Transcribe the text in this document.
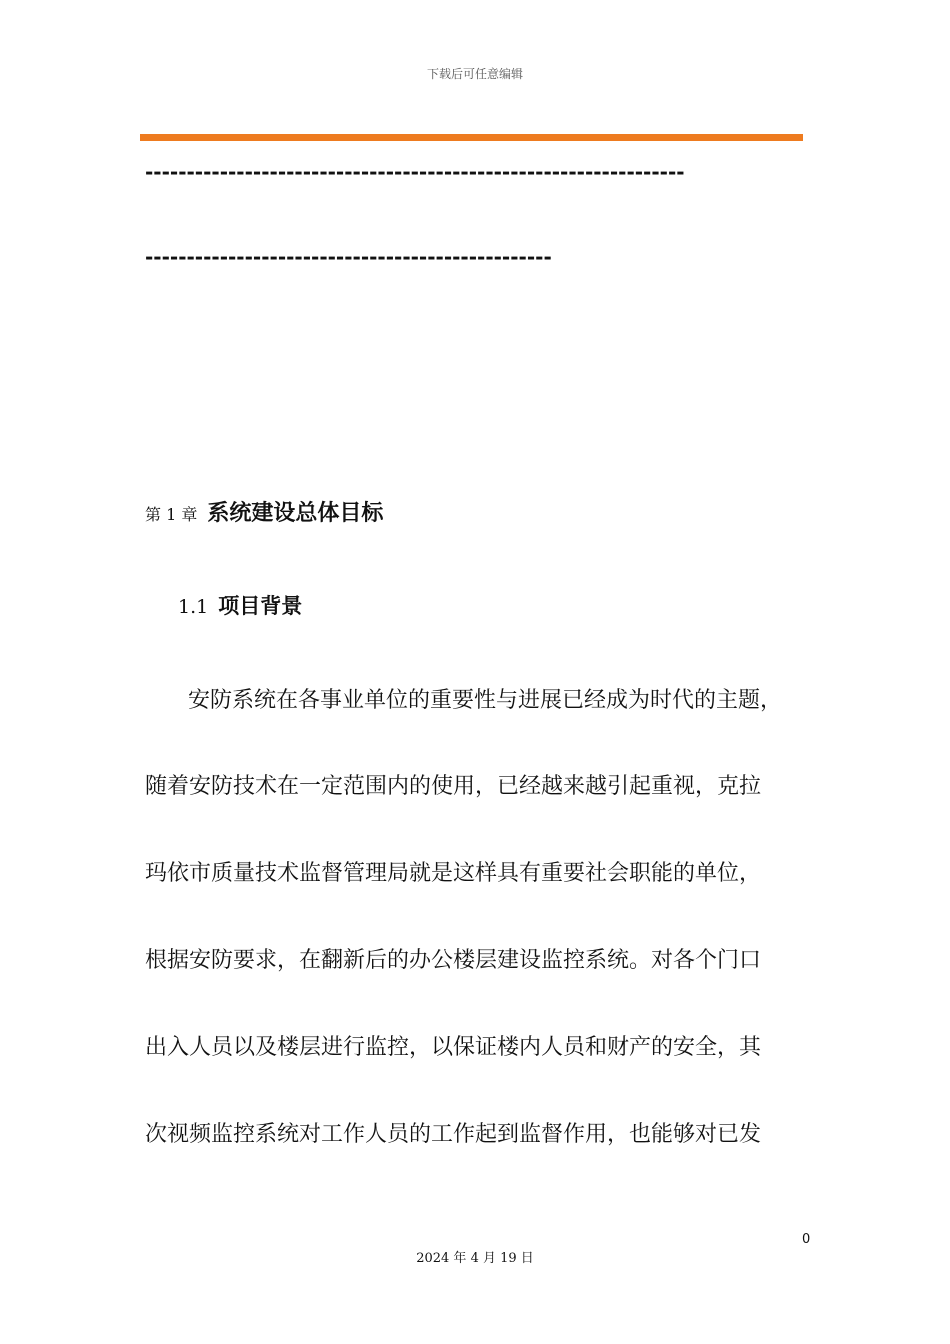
下载后可任意编辑
-----------------------------------------------------------------
-------------------------------------------------
第 1 章 系统建设总体目标
1.1 项目背景
安防系统在各事业单位的重要性与进展已经成为时代的主题，
随着安防技术在一定范围内的使用，已经越来越引起重视，克拉
玛依市质量技术监督管理局就是这样具有重要社会职能的单位，
根据安防要求，在翻新后的办公楼层建设监控系统。对各个门口
出入人员以及楼层进行监控，以保证楼内人员和财产的安全，其
次视频监控系统对工作人员的工作起到监督作用，也能够对已发
0
2024 年 4 月 19 日
